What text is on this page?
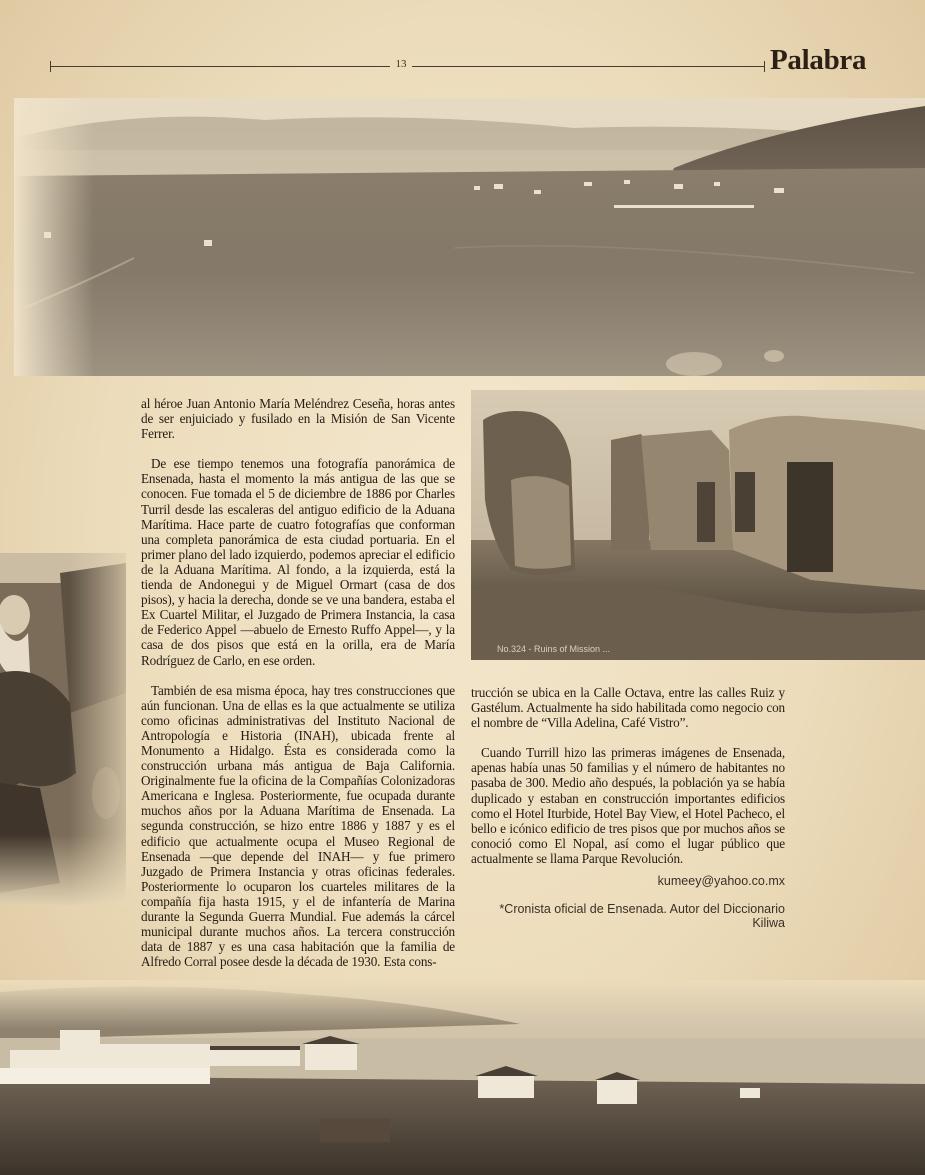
13	Palabra
No.324 - Ruins of Mission ...

al héroe Juan Antonio María Meléndrez Ceseña, horas antes de ser enjuiciado y fusilado en la Misión de San Vicente Ferrer.

De ese tiempo tenemos una fotografía panorámica de Ensenada, hasta el momento la más antigua de las que se conocen. Fue tomada el 5 de diciembre de 1886 por Charles Turril desde las escaleras del antiguo edificio de la Aduana Marítima. Hace parte de cuatro fotografías que conforman una completa panorámica de esta ciudad portuaria. En el primer plano del lado izquierdo, podemos apreciar el edificio de la Aduana Marítima. Al fondo, a la izquierda, está la tienda de Andonegui y de Miguel Ormart (casa de dos pisos), y hacia la derecha, donde se ve una bandera, estaba el Ex Cuartel Militar, el Juzgado de Primera Instancia, la casa de Federico Appel —abuelo de Ernesto Ruffo Appel—, y la casa de dos pisos que está en la orilla, era de María Rodríguez de Carlo, en ese orden.

También de esa misma época, hay tres construcciones que aún funcionan. Una de ellas es la que actualmente se utiliza como oficinas administrativas del Instituto Nacional de Antropología e Historia (INAH), ubicada frente al Monumento a Hidalgo. Ésta es considerada como la construcción urbana más antigua de Baja California. Originalmente fue la oficina de la Compañías Colonizadoras Americana e Inglesa. Posteriormente, fue ocupada durante muchos años por la Aduana Marítima de Ensenada. La segunda construcción, se hizo entre 1886 y 1887 y es el edificio que actualmente ocupa el Museo Regional de Ensenada —que depende del INAH— y fue primero Juzgado de Primera Instancia y otras oficinas federales. Posteriormente lo ocuparon los cuarteles militares de la compañía fija hasta 1915, y el de infantería de Marina durante la Segunda Guerra Mundial. Fue además la cárcel municipal durante muchos años. La tercera construcción data de 1887 y es una casa habitación que la familia de Alfredo Corral posee desde la década de 1930. Esta cons-

trucción se ubica en la Calle Octava, entre las calles Ruiz y Gastélum. Actualmente ha sido habilitada como negocio con el nombre de “Villa Adelina, Café Vistro”.

Cuando Turrill hizo las primeras imágenes de Ensenada, apenas había unas 50 familias y el número de habitantes no pasaba de 300. Medio año después, la población ya se había duplicado y estaban en construcción importantes edificios como el Hotel Iturbide, Hotel Bay View, el Hotel Pacheco, el bello e icónico edificio de tres pisos que por muchos años se conoció como El Nopal, así como el lugar público que actualmente se llama Parque Revolución.

kumeey@yahoo.co.mx
*Cronista oficial de Ensenada. Autor del Diccionario Kiliwa
